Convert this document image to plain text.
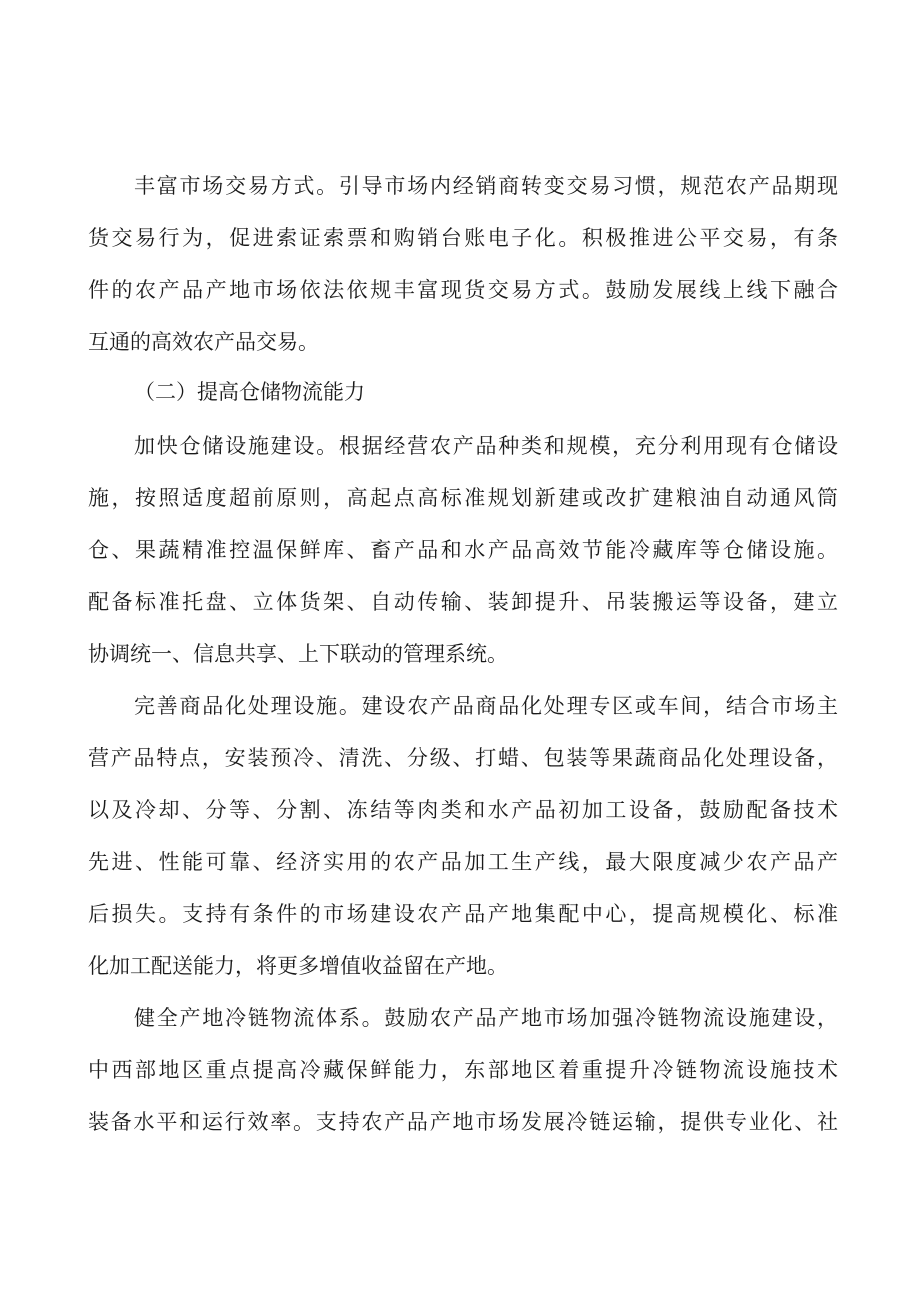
丰富市场交易方式。引导市场内经销商转变交易习惯，规范农产品期现
货交易行为，促进索证索票和购销台账电子化。积极推进公平交易，有条
件的农产品产地市场依法依规丰富现货交易方式。鼓励发展线上线下融合
互通的高效农产品交易。
（二）提高仓储物流能力
加快仓储设施建设。根据经营农产品种类和规模，充分利用现有仓储设
施，按照适度超前原则，高起点高标准规划新建或改扩建粮油自动通风筒
仓、果蔬精准控温保鲜库、畜产品和水产品高效节能冷藏库等仓储设施。
配备标准托盘、立体货架、自动传输、装卸提升、吊装搬运等设备，建立
协调统一、信息共享、上下联动的管理系统。
完善商品化处理设施。建设农产品商品化处理专区或车间，结合市场主
营产品特点，安装预冷、清洗、分级、打蜡、包装等果蔬商品化处理设备，
以及冷却、分等、分割、冻结等肉类和水产品初加工设备，鼓励配备技术
先进、性能可靠、经济实用的农产品加工生产线，最大限度减少农产品产
后损失。支持有条件的市场建设农产品产地集配中心，提高规模化、标准
化加工配送能力，将更多增值收益留在产地。
健全产地冷链物流体系。鼓励农产品产地市场加强冷链物流设施建设，
中西部地区重点提高冷藏保鲜能力，东部地区着重提升冷链物流设施技术
装备水平和运行效率。支持农产品产地市场发展冷链运输，提供专业化、社
